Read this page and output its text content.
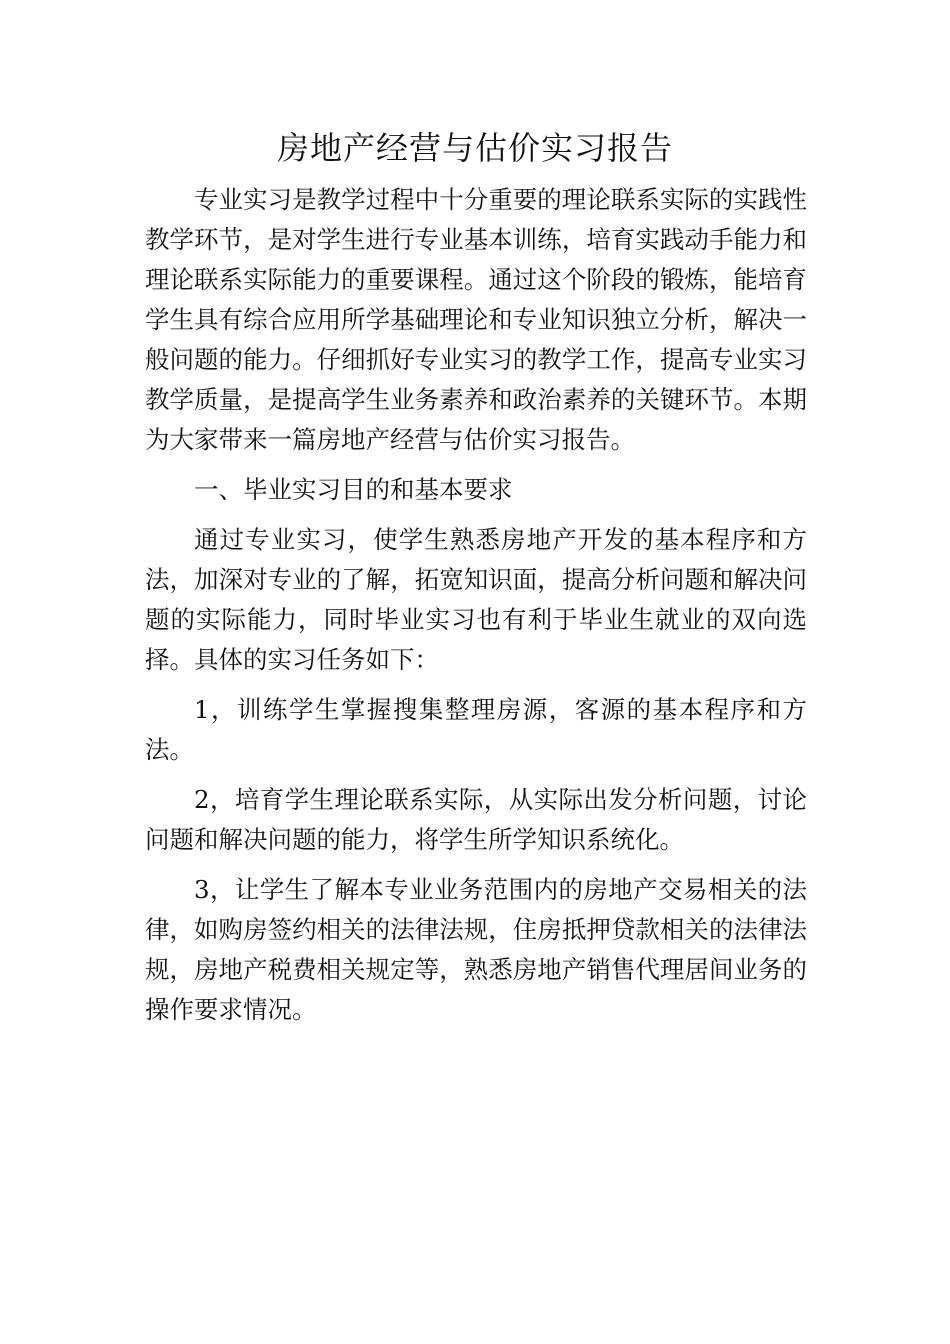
房地产经营与估价实习报告

专业实习是教学过程中十分重要的理论联系实际的实践性教学环节，是对学生进行专业基本训练，培育实践动手能力和理论联系实际能力的重要课程。通过这个阶段的锻炼，能培育学生具有综合应用所学基础理论和专业知识独立分析，解决一般问题的能力。仔细抓好专业实习的教学工作，提高专业实习教学质量，是提高学生业务素养和政治素养的关键环节。本期为大家带来一篇房地产经营与估价实习报告。

一、毕业实习目的和基本要求

通过专业实习，使学生熟悉房地产开发的基本程序和方法，加深对专业的了解，拓宽知识面，提高分析问题和解决问题的实际能力，同时毕业实习也有利于毕业生就业的双向选择。具体的实习任务如下：

1，训练学生掌握搜集整理房源，客源的基本程序和方法。

2，培育学生理论联系实际，从实际出发分析问题，讨论问题和解决问题的能力，将学生所学知识系统化。

3，让学生了解本专业业务范围内的房地产交易相关的法律，如购房签约相关的法律法规，住房抵押贷款相关的法律法规，房地产税费相关规定等，熟悉房地产销售代理居间业务的操作要求情况。
